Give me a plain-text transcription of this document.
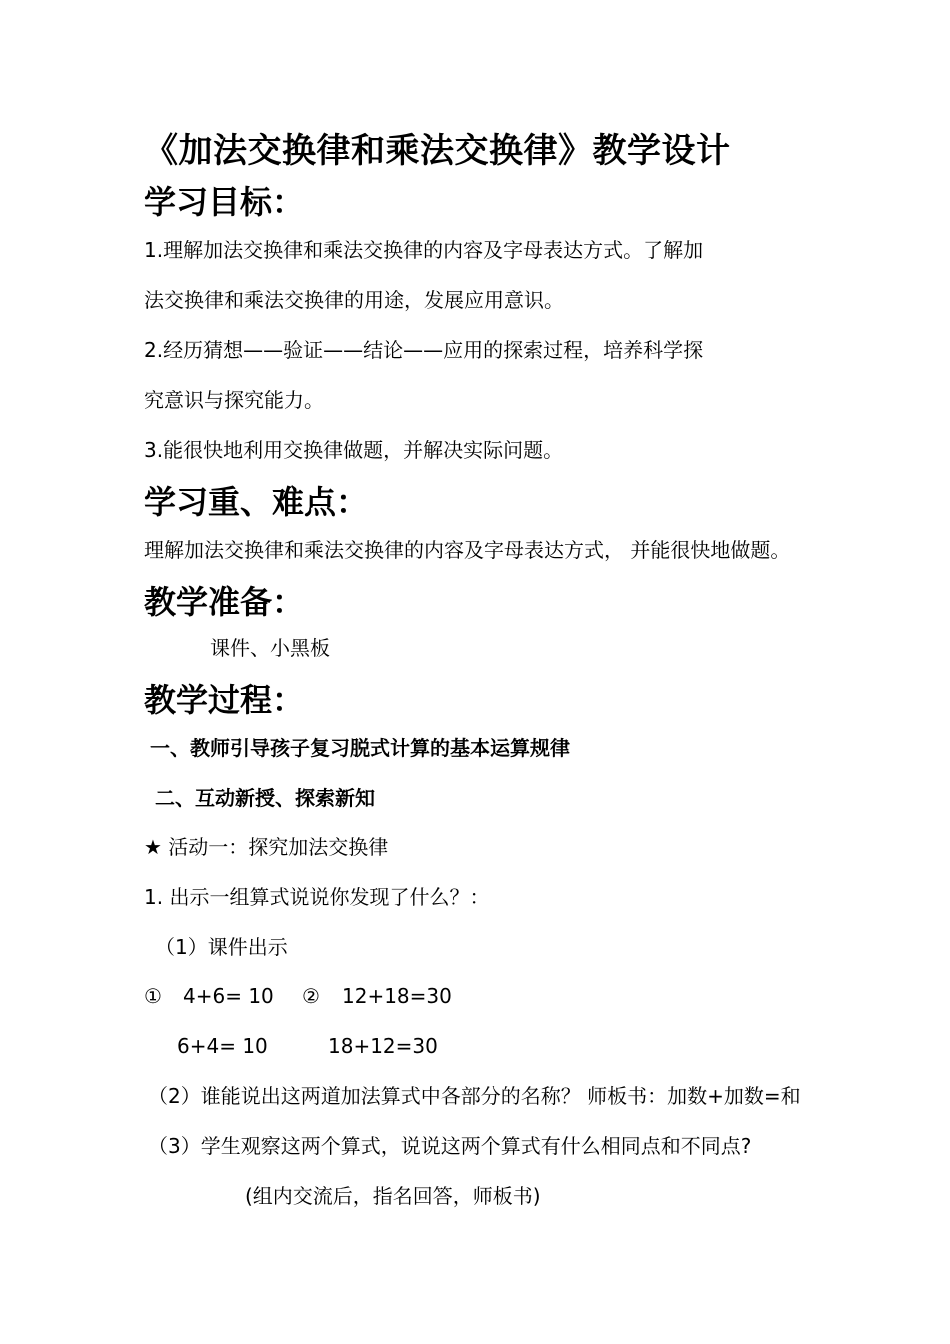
《加法交换律和乘法交换律》教学设计
学习目标：
1.理解加法交换律和乘法交换律的内容及字母表达方式。了解加
法交换律和乘法交换律的用途，发展应用意识。
2.经历猜想——验证——结论——应用的探索过程，培养科学探
究意识与探究能力。
3.能很快地利用交换律做题，并解决实际问题。
学习重、难点：
理解加法交换律和乘法交换律的内容及字母表达方式， 并能很快地做题。
教学准备：
课件、小黑板
教学过程：
一、教师引导孩子复习脱式计算的基本运算规律
二、互动新授、探索新知
★ 活动一：探究加法交换律
1. 出示一组算式说说你发现了什么？：
（1）课件出示
① 4+6= 10 ② 12+18=30
6+4= 10	18+12=30
（2）谁能说出这两道加法算式中各部分的名称？ 师板书：加数+加数=和
（3）学生观察这两个算式，说说这两个算式有什么相同点和不同点?
(组内交流后，指名回答，师板书)
